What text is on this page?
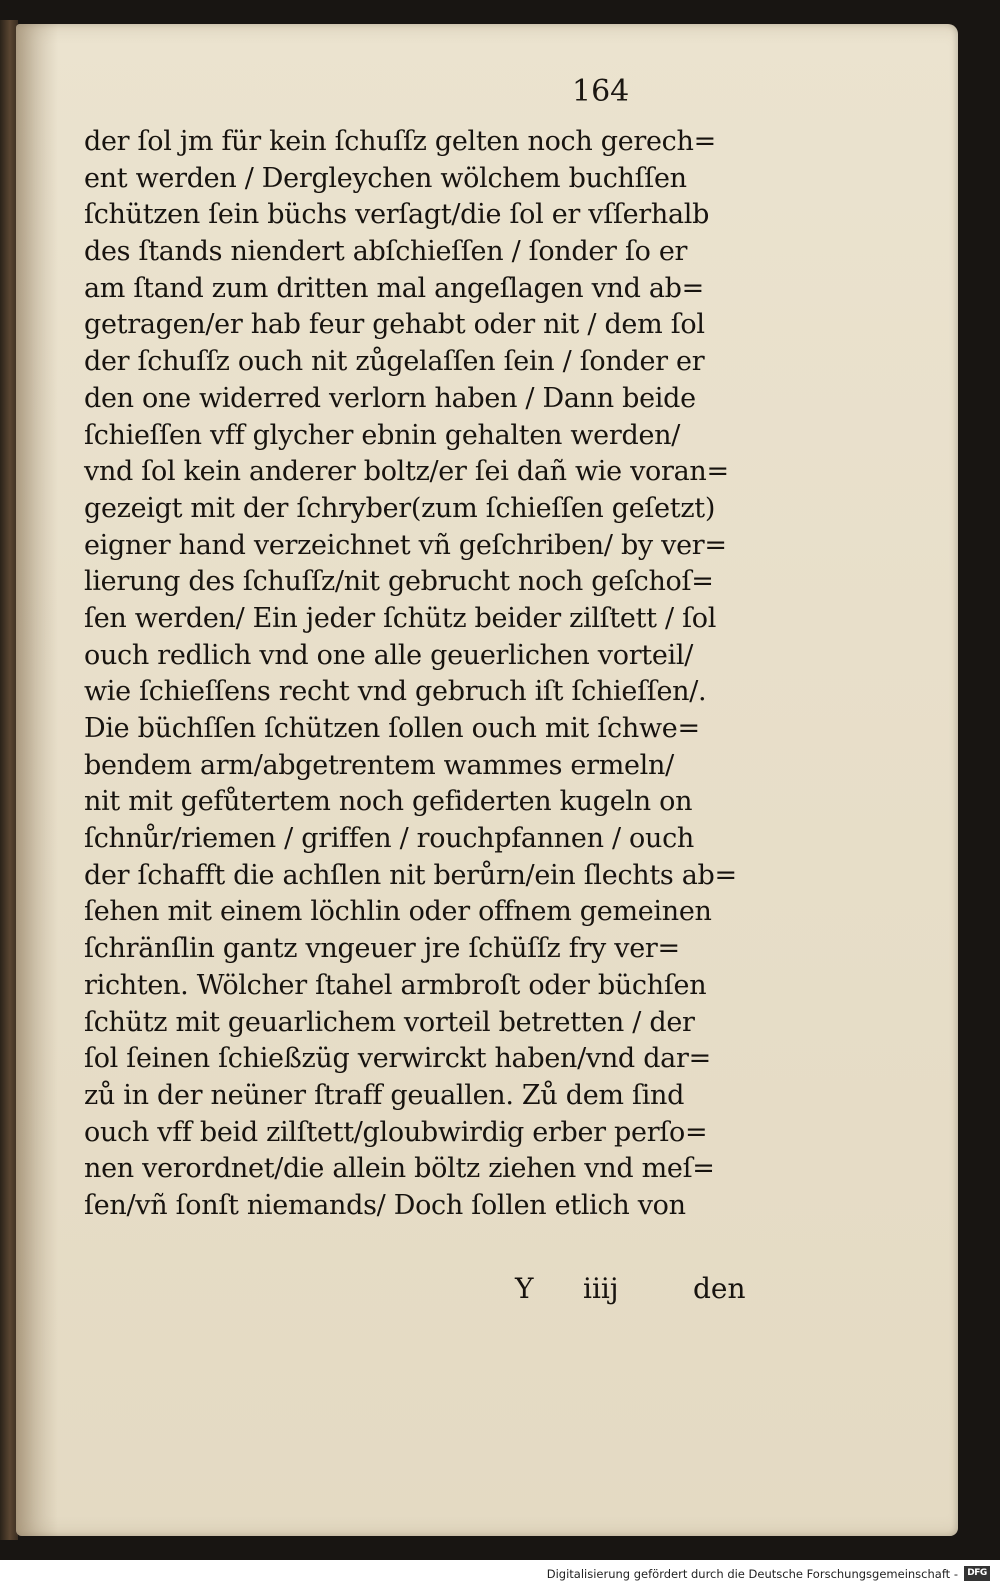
164
der ſol jm für kein ſchuſſz gelten noch gerech=
ent werden / Dergleychen wölchem buchſſen
ſchützen ſein büchs verſagt/die ſol er vſſerhalb
des ſtands niendert abſchieſſen / ſonder ſo er
am ſtand zum dritten mal angeſlagen vnd ab=
getragen/er hab feur gehabt oder nit / dem ſol
der ſchuſſz ouch nit zůgelaſſen ſein / ſonder er
den one widerred verlorn haben / Dann beide
ſchieſſen vff glycher ebnin gehalten werden/
vnd ſol kein anderer boltz/er ſei dañ wie voran=
gezeigt mit der ſchryber(zum ſchieſſen geſetzt)
eigner hand verzeichnet vñ geſchriben/ by ver=
lierung des ſchuſſz/nit gebrucht noch geſchoſ=
ſen werden/ Ein jeder ſchütz beider zilſtett / ſol
ouch redlich vnd one alle geuerlichen vorteil/
wie ſchieſſens recht vnd gebruch iſt ſchieſſen/.
Die büchſſen ſchützen ſollen ouch mit ſchwe=
bendem arm/abgetrentem wammes ermeln/
nit mit gefůtertem noch gefiderten kugeln on
ſchnůr/riemen / griffen / rouchpfannen / ouch
der ſchafft die achſlen nit berůrn/ein ſlechts ab=
ſehen mit einem löchlin oder offnem gemeinen
ſchränſlin gantz vngeuer jre ſchüſſz fry ver=
richten. Wölcher ſtahel armbroſt oder büchſen
ſchütz mit geuarlichem vorteil betretten / der
ſol ſeinen ſchießzüg verwirckt haben/vnd dar=
zů in der neüner ſtraff geuallen. Zů dem ſind
ouch vff beid zilſtett/gloubwirdig erber perſo=
nen verordnet/die allein böltz ziehen vnd meſ=
ſen/vñ ſonſt niemands/ Doch ſollen etlich von
Y iiij	den
Digitalisierung gefördert durch die Deutsche Forschungsgemeinschaft -	DFG
